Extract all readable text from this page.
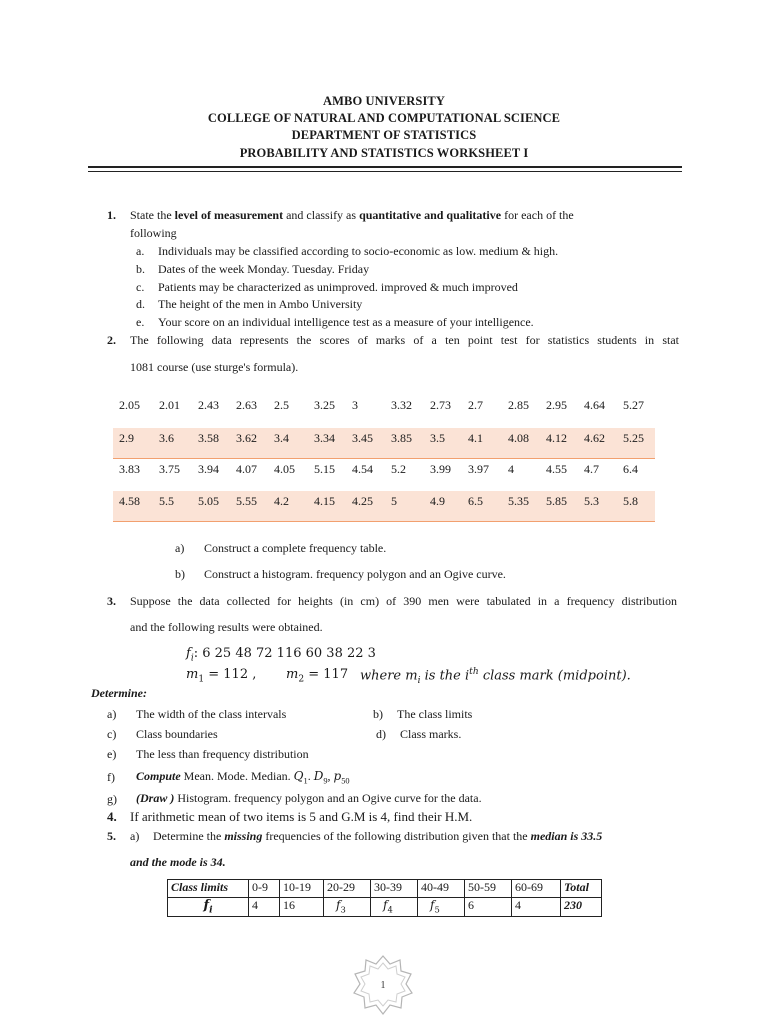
AMBO UNIVERSITY
COLLEGE OF NATURAL AND COMPUTATIONAL SCIENCE
DEPARTMENT OF STATISTICS
PROBABILITY AND STATISTICS WORKSHEET I
1. State the level of measurement and classify as quantitative and qualitative for each of the
following
a. Individuals may be classified according to socio-economic as low. medium & high.
b. Dates of the week Monday. Tuesday. Friday
c. Patients may be characterized as unimproved. improved & much improved
d. The height of the men in Ambo University
e. Your score on an individual intelligence test as a measure of your intelligence.
2. The following data represents the scores of marks of a ten point test for statistics students in stat
1081 course (use sturge's formula).
2.05 2.01 2.43 2.63 2.5 3.25 3	3.32 2.73 2.7 2.85 2.95 4.64 5.27
2.9 3.6 3.58 3.62 3.4 3.34 3.45 3.85 3.5 4.1 4.08 4.12 4.62 5.25
3.83 3.75 3.94 4.07 4.05 5.15 4.54 5.2 3.99 3.97 4	4.55 4.7 6.4
4.58 5.5 5.05 5.55 4.2 4.15 4.25 5	4.9 6.5 5.35 5.85 5.3 5.8
a) Construct a complete frequency table.
b) Construct a histogram. frequency polygon and an Ogive curve.
3. Suppose the data collected for heights (in cm) of 390 men were tabulated in a frequency distribution
and the following results were obtained.
$f_i$: 6 25 48 72 116 60 38 22 3
$m_1 = 112$ , $m_2 = 117$ where $m_i$ is the $i^{th}$ class mark (midpoint).
Determine:
a) The width of the class intervals	b) The class limits
c) Class boundaries	d) Class marks.
e) The less than frequency distribution
f) Compute Mean. Mode. Median. $Q_1$. $D_9$, $p_{50}$
g) (Draw ) Histogram. frequency polygon and an Ogive curve for the data.
4. If arithmetic mean of two items is 5 and G.M is 4, find their H.M.
5. a) Determine the missing frequencies of the following distribution given that the median is 33.5
and the mode is 34.
Class limits	0-9	10-19	20-29	30-39	40-49	50-59	60-69	Total
$f_i$	4	16	$f_3$	$f_4$	$f_5$	6	4	230
1
